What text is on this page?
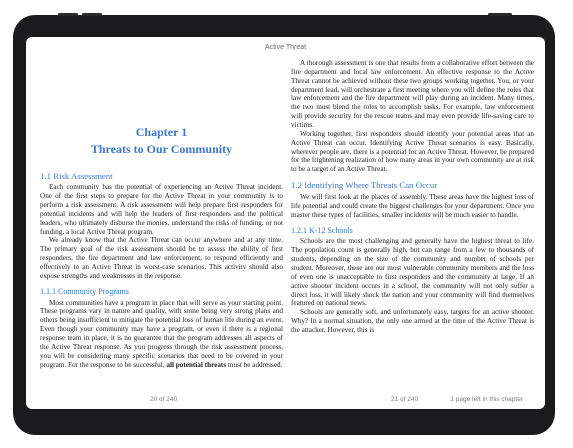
Active Threat
Chapter 1
Threats to Our Community
1.1 Risk Assessment

Each community has the potential of experiencing an Active Threat incident. One of the first steps to prepare for the Active Threat in your community is to perform a risk assessment. A risk assessment will help prepare first responders for potential incidents and will help the leaders of first responders and the political leaders, who ultimately disburse the monies, understand the risks of funding, or not funding, a local Active Threat program.

We already know that the Active Threat can occur anywhere and at any time. The primary goal of the risk assessment should be to assess the ability of first responders, the fire department and law enforcement, to respond efficiently and effectively to an Active Threat in worst-case scenarios. This activity should also expose strengths and weaknesses in the response.

1.1.1 Community Programs

Most communities have a program in place that will serve as your starting point. These programs vary in nature and quality, with some being very strong plans and others being insufficient to mitigate the potential loss of human life during an event. Even though your community may have a program, or even if there is a regional response team in place, it is no guarantee that the program addresses all aspects of the Active Threat response. As you progress through the risk assessment process, you will be considering many specific scenarios that need to be covered in your program. For the response to be successful, all potential threats must be addressed.

A thorough assessment is one that results from a collaborative effort between the fire department and local law enforcement. An effective response to the Active Threat cannot be achieved without these two groups working together. You, or your department lead, will orchestrate a first meeting where you will define the roles that law enforcement and the fire department will play during an incident. Many times, the two must blend the roles to accomplish tasks. For example, law enforcement will provide security for the rescue teams and may even provide life-saving care to victims.

Working together, first responders should identify your potential areas that an Active Threat can occur. Identifying Active Threat scenarios is easy. Basically, wherever people are, there is a potential for an Active Threat. However, be prepared for the frightening realization of how many areas in your own community are at risk to be a target of an Active Threat.

1.2 Identifying Where Threats Can Occur

We will first look at the places of assembly. These areas have the highest loss of life potential and could create the biggest challenges for your department. Once you master these types of facilities, smaller incidents will be much easier to handle.

1.2.1 K-12 Schools

Schools are the most challenging and generally have the highest threat to life. The population count is generally high, but can range from a few to thousands of students, depending on the size of the community and number of schools per student. Moreover, these are our most vulnerable community members and the loss of even one is unacceptable to first responders and the community at large. If an active shooter incident occurs in a school, the community will not only suffer a direct loss, it will likely shock the nation and your community will find themselves featured on national news.

Schools are generally soft, and unfortunately easy, targets for an active shooter. Why? In a normal situation, the only one armed at the time of the Active Threat is the attacker. However, this is

20 of 240	21 of 240	1 page left in this chapter
